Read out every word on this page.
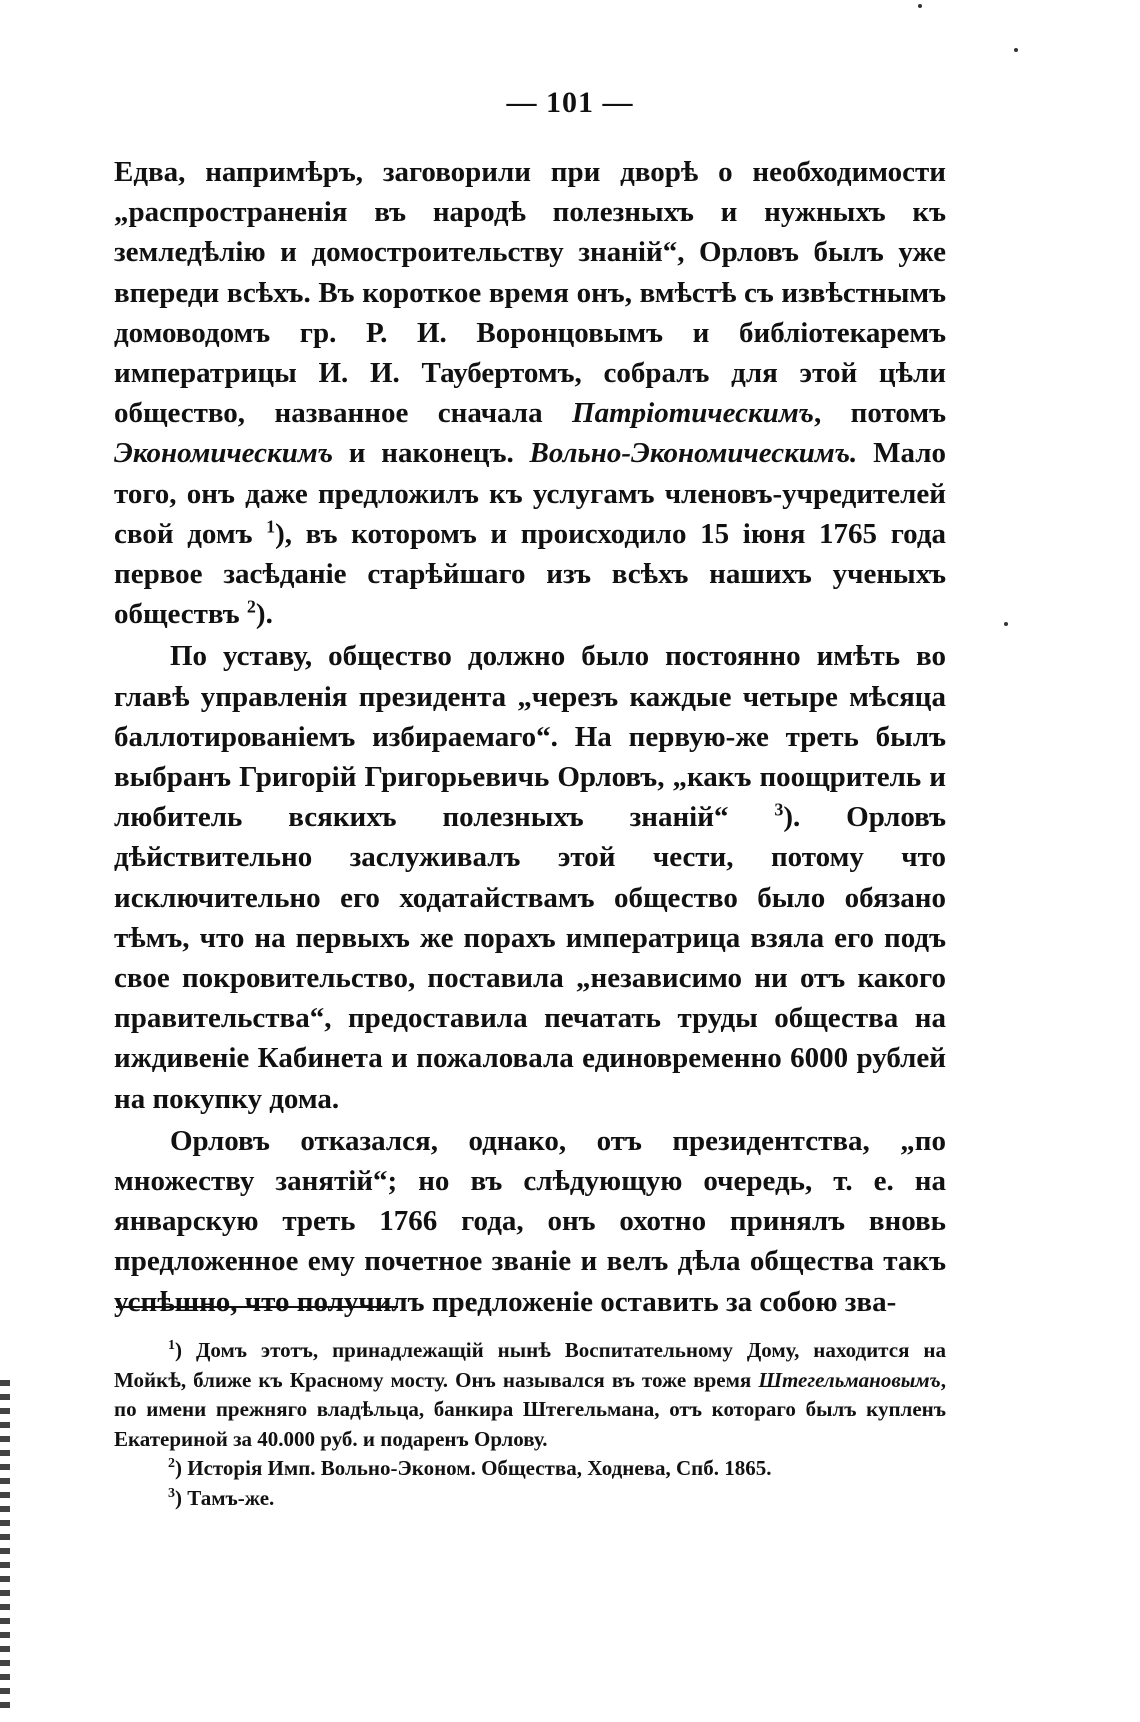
— 101 —

Едва, напримѣръ, заговорили при дворѣ о необходимости „распространенія въ народѣ полезныхъ и нужныхъ къ земледѣлію и домостроительству знаній“, Орловъ былъ уже впереди всѣхъ. Въ короткое время онъ, вмѣстѣ съ извѣстнымъ домоводомъ гр. Р. И. Воронцовымъ и библіотекаремъ императрицы И. И. Таубертомъ, собралъ для этой цѣли общество, названное сначала Патріотическимъ, потомъ Экономическимъ и наконецъ. Вольно-Экономическимъ. Мало того, онъ даже предложилъ къ услугамъ членовъ-учредителей свой домъ $^1$), въ которомъ и происходило 15 іюня 1765 года первое засѣданіе старѣйшаго изъ всѣхъ нашихъ ученыхъ обществъ $^2$).

По уставу, общество должно было постоянно имѣть во главѣ управленія президента „черезъ каждые четыре мѣсяца баллотированіемъ избираемаго“. На первую-же треть былъ выбранъ Григорій Григорьевичь Орловъ, „какъ поощритель и любитель всякихъ полезныхъ знаній“ $^3$). Орловъ дѣйствительно заслуживалъ этой чести, потому что исключительно его ходатайствамъ общество было обязано тѣмъ, что на первыхъ же порахъ императрица взяла его подъ свое покровительство, поставила „независимо ни отъ какого правительства“, предоставила печатать труды общества на иждивеніе Кабинета и пожаловала единовременно 6000 рублей на покупку дома.

Орловъ отказался, однако, отъ президентства, „по множеству занятій“; но въ слѣдующую очередь, т. е. на январскую треть 1766 года, онъ охотно принялъ вновь предложенное ему почетное званіе и велъ дѣла общества такъ успѣшно, что получилъ предложеніе оставить за собою зва-

$^1$) Домъ этотъ, принадлежащій нынѣ Воспитательному Дому, находится на Мойкѣ, ближе къ Красному мосту. Онъ назывался въ тоже время Штегельмановымъ, по имени прежняго владѣльца, банкира Штегельмана, отъ котораго былъ купленъ Екатериной за 40.000 руб. и подаренъ Орлову.

$^2$) Исторія Имп. Вольно-Эконом. Общества, Ходнева, Спб. 1865.

$^3$) Тамъ-же.
